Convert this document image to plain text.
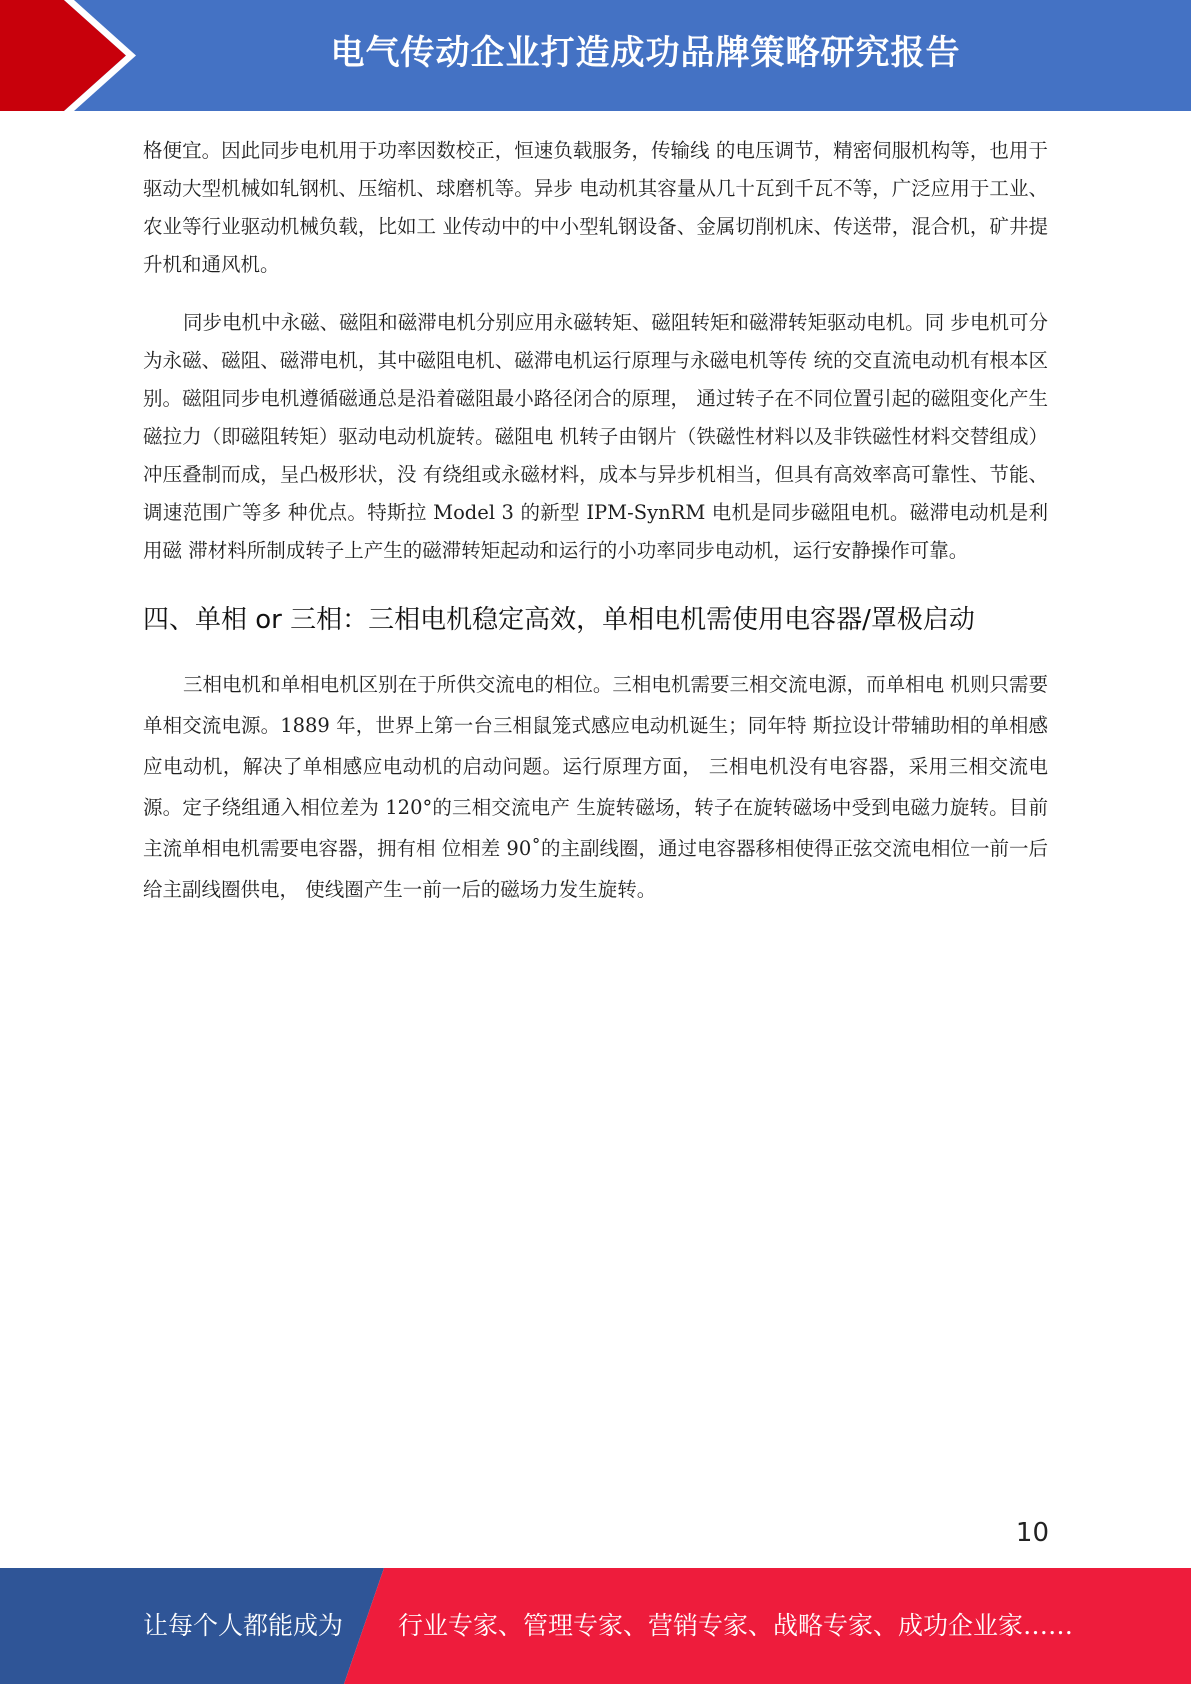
电气传动企业打造成功品牌策略研究报告

格便宜。因此同步电机用于功率因数校正，恒速负载服务，传输线 的电压调节，精密伺服机构等，也用于驱动大型机械如轧钢机、压缩机、球磨机等。异步 电动机其容量从几十瓦到千瓦不等，广泛应用于工业、农业等行业驱动机械负载，比如工 业传动中的中小型轧钢设备、金属切削机床、传送带，混合机，矿井提升机和通风机。

同步电机中永磁、磁阻和磁滞电机分别应用永磁转矩、磁阻转矩和磁滞转矩驱动电机。同 步电机可分为永磁、磁阻、磁滞电机，其中磁阻电机、磁滞电机运行原理与永磁电机等传 统的交直流电动机有根本区别。磁阻同步电机遵循磁通总是沿着磁阻最小路径闭合的原理， 通过转子在不同位置引起的磁阻变化产生磁拉力（即磁阻转矩）驱动电动机旋转。磁阻电 机转子由钢片（铁磁性材料以及非铁磁性材料交替组成）冲压叠制而成，呈凸极形状，没 有绕组或永磁材料，成本与异步机相当，但具有高效率高可靠性、节能、调速范围广等多 种优点。特斯拉 Model 3 的新型 IPM-SynRM 电机是同步磁阻电机。磁滞电动机是利用磁 滞材料所制成转子上产生的磁滞转矩起动和运行的小功率同步电动机，运行安静操作可靠。

四、单相 or 三相：三相电机稳定高效，单相电机需使用电容器/罩极启动

三相电机和单相电机区别在于所供交流电的相位。三相电机需要三相交流电源，而单相电 机则只需要单相交流电源。1889 年，世界上第一台三相鼠笼式感应电动机诞生；同年特 斯拉设计带辅助相的单相感应电动机，解决了单相感应电动机的启动问题。运行原理方面， 三相电机没有电容器，采用三相交流电源。定子绕组通入相位差为 120°的三相交流电产 生旋转磁场，转子在旋转磁场中受到电磁力旋转。目前主流单相电机需要电容器，拥有相 位相差 90˚的主副线圈，通过电容器移相使得正弦交流电相位一前一后给主副线圈供电， 使线圈产生一前一后的磁场力发生旋转。

10
让每个人都能成为 行业专家、管理专家、营销专家、战略专家、成功企业家……
